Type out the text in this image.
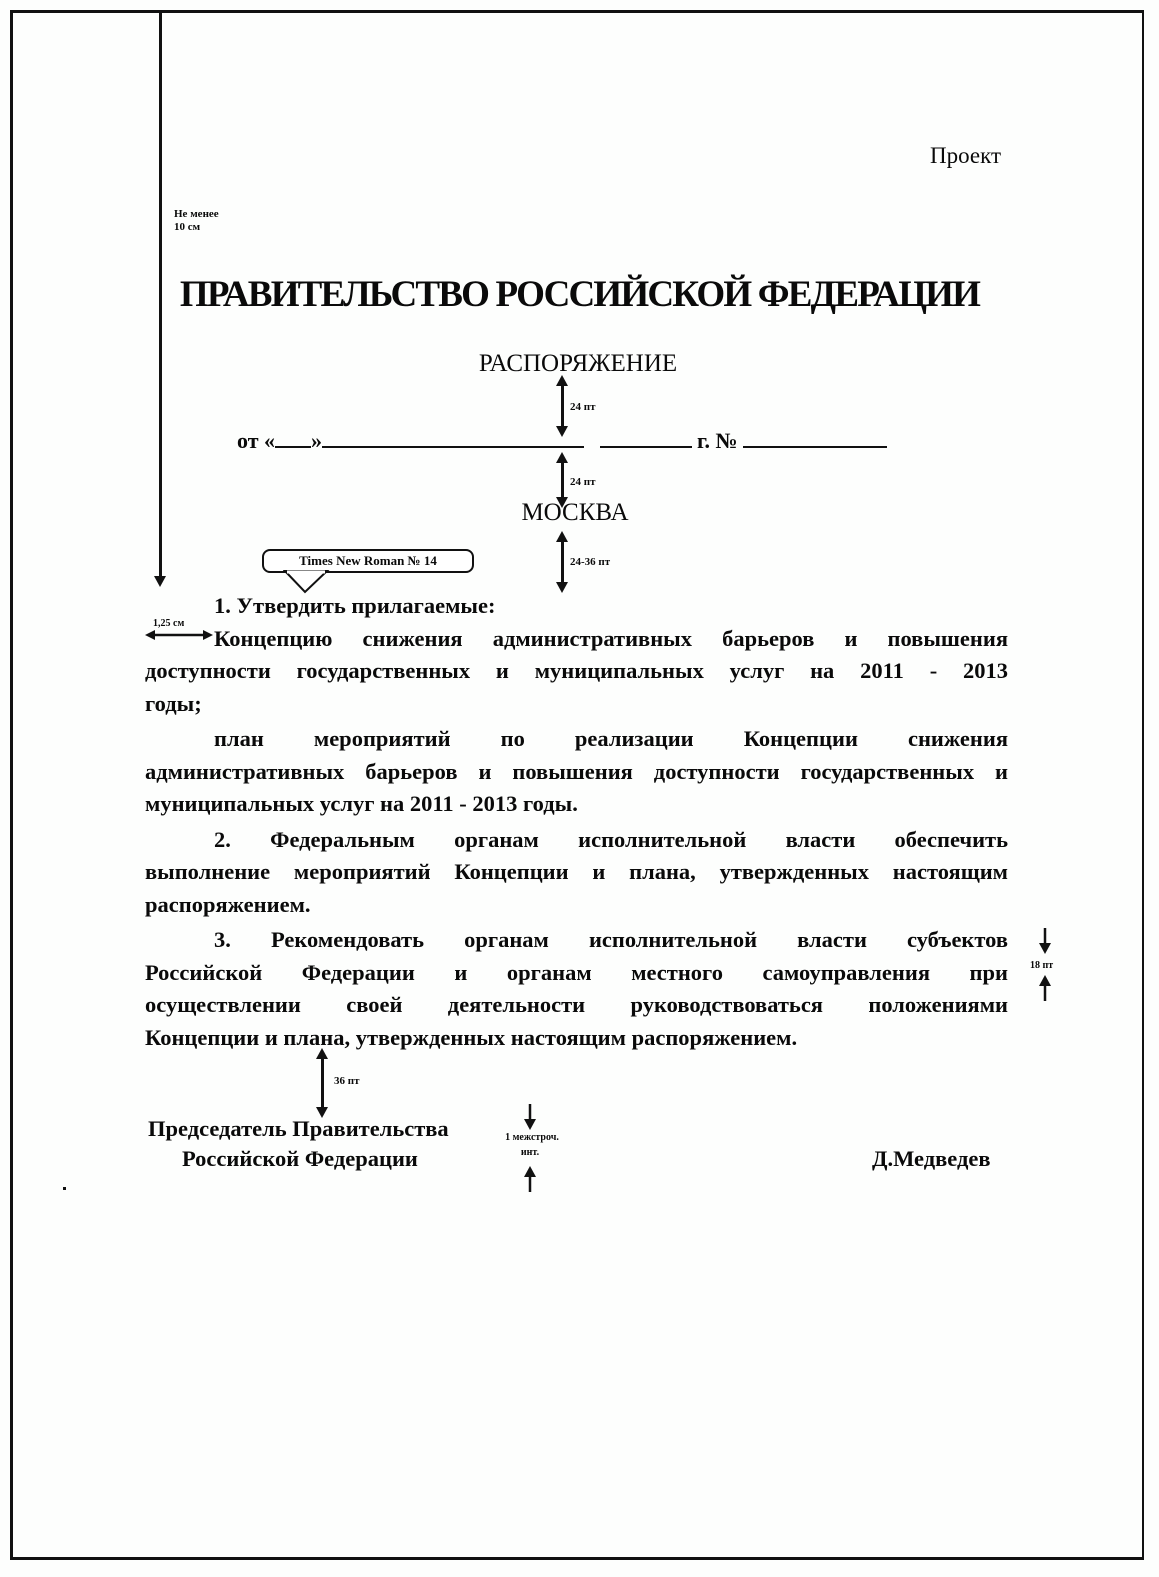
Не менее
10 см
Проект
ПРАВИТЕЛЬСТВО РОССИЙСКОЙ ФЕДЕРАЦИИ
РАСПОРЯЖЕНИЕ
24 пт
от « »	г. №
24 пт
МОСКВА
24-36 пт
Times New Roman № 14
1. Утвердить прилагаемые:
Концепцию снижения административных барьеров и повышения
доступности государственных и муниципальных услуг на 2011 - 2013
годы;
план мероприятий по реализации Концепции снижения
административных барьеров и повышения доступности государственных и
муниципальных услуг на 2011 - 2013 годы.
2. Федеральным органам исполнительной власти обеспечить
выполнение мероприятий Концепции и плана, утвержденных настоящим
распоряжением.
3. Рекомендовать органам исполнительной власти субъектов
Российской Федерации и органам местного самоуправления при
осуществлении своей деятельности руководствоваться положениями
Концепции и плана, утвержденных настоящим распоряжением.
1,25 см
18 пт
36 пт
Председатель Правительства
Российской Федерации
1 межстроч.
инт.	Д.Медведев
